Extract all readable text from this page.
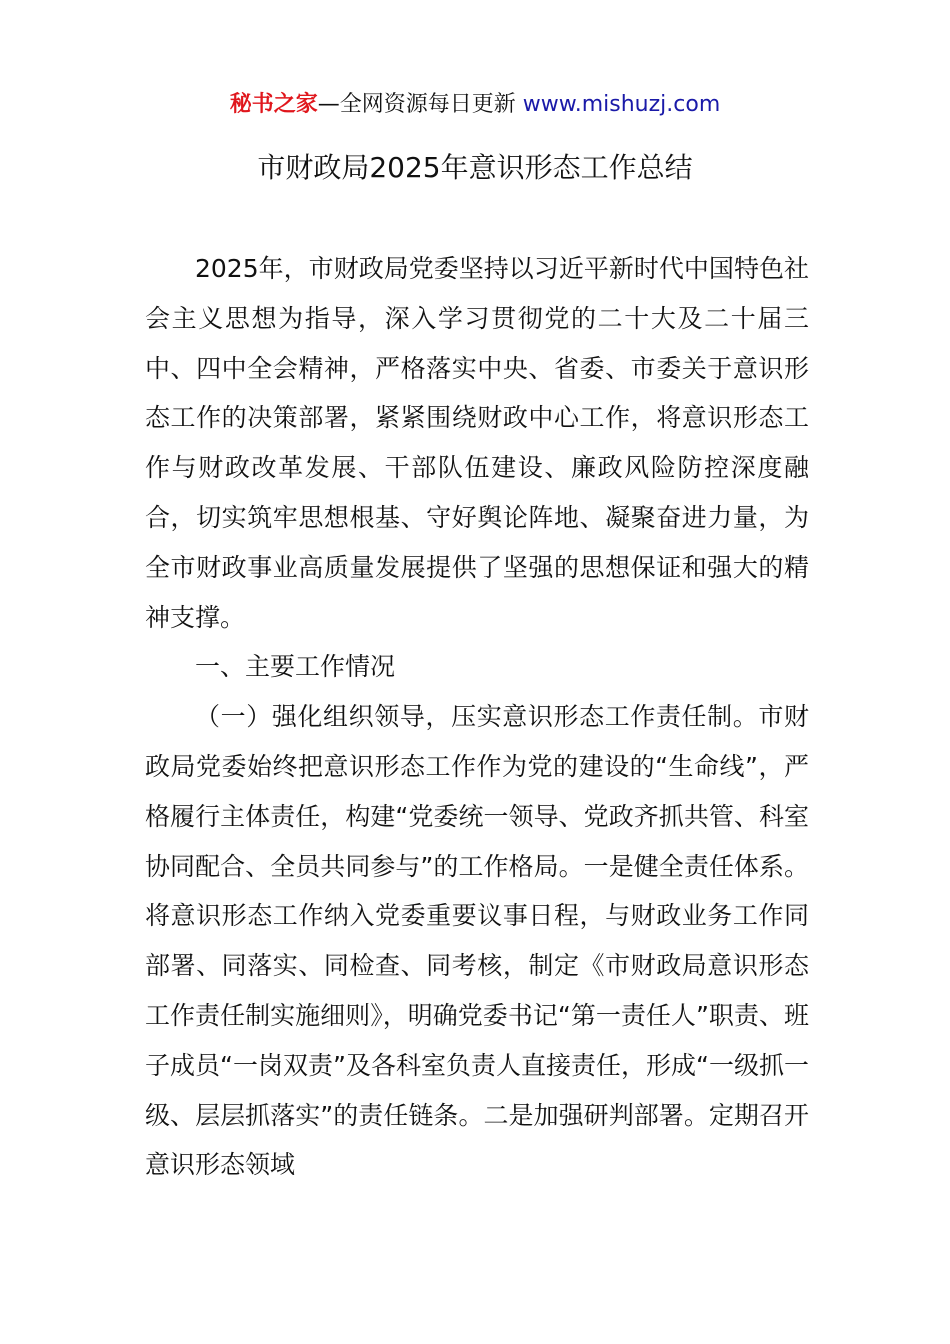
秘书之家—全网资源每日更新 www.mishuzj.com
市财政局2025年意识形态工作总结

2025年，市财政局党委坚持以习近平新时代中国特色社会主义思想为指导，深入学习贯彻党的二十大及二十届三中、四中全会精神，严格落实中央、省委、市委关于意识形态工作的决策部署，紧紧围绕财政中心工作，将意识形态工作与财政改革发展、干部队伍建设、廉政风险防控深度融合，切实筑牢思想根基、守好舆论阵地、凝聚奋进力量，为全市财政事业高质量发展提供了坚强的思想保证和强大的精神支撑。

一、主要工作情况

（一）强化组织领导，压实意识形态工作责任制。市财政局党委始终把意识形态工作作为党的建设的“生命线”，严格履行主体责任，构建“党委统一领导、党政齐抓共管、科室协同配合、全员共同参与”的工作格局。一是健全责任体系。将意识形态工作纳入党委重要议事日程，与财政业务工作同部署、同落实、同检查、同考核，制定《市财政局意识形态工作责任制实施细则》，明确党委书记“第一责任人”职责、班子成员“一岗双责”及各科室负责人直接责任，形成“一级抓一级、层层抓落实”的责任链条。二是加强研判部署。定期召开意识形态领域
